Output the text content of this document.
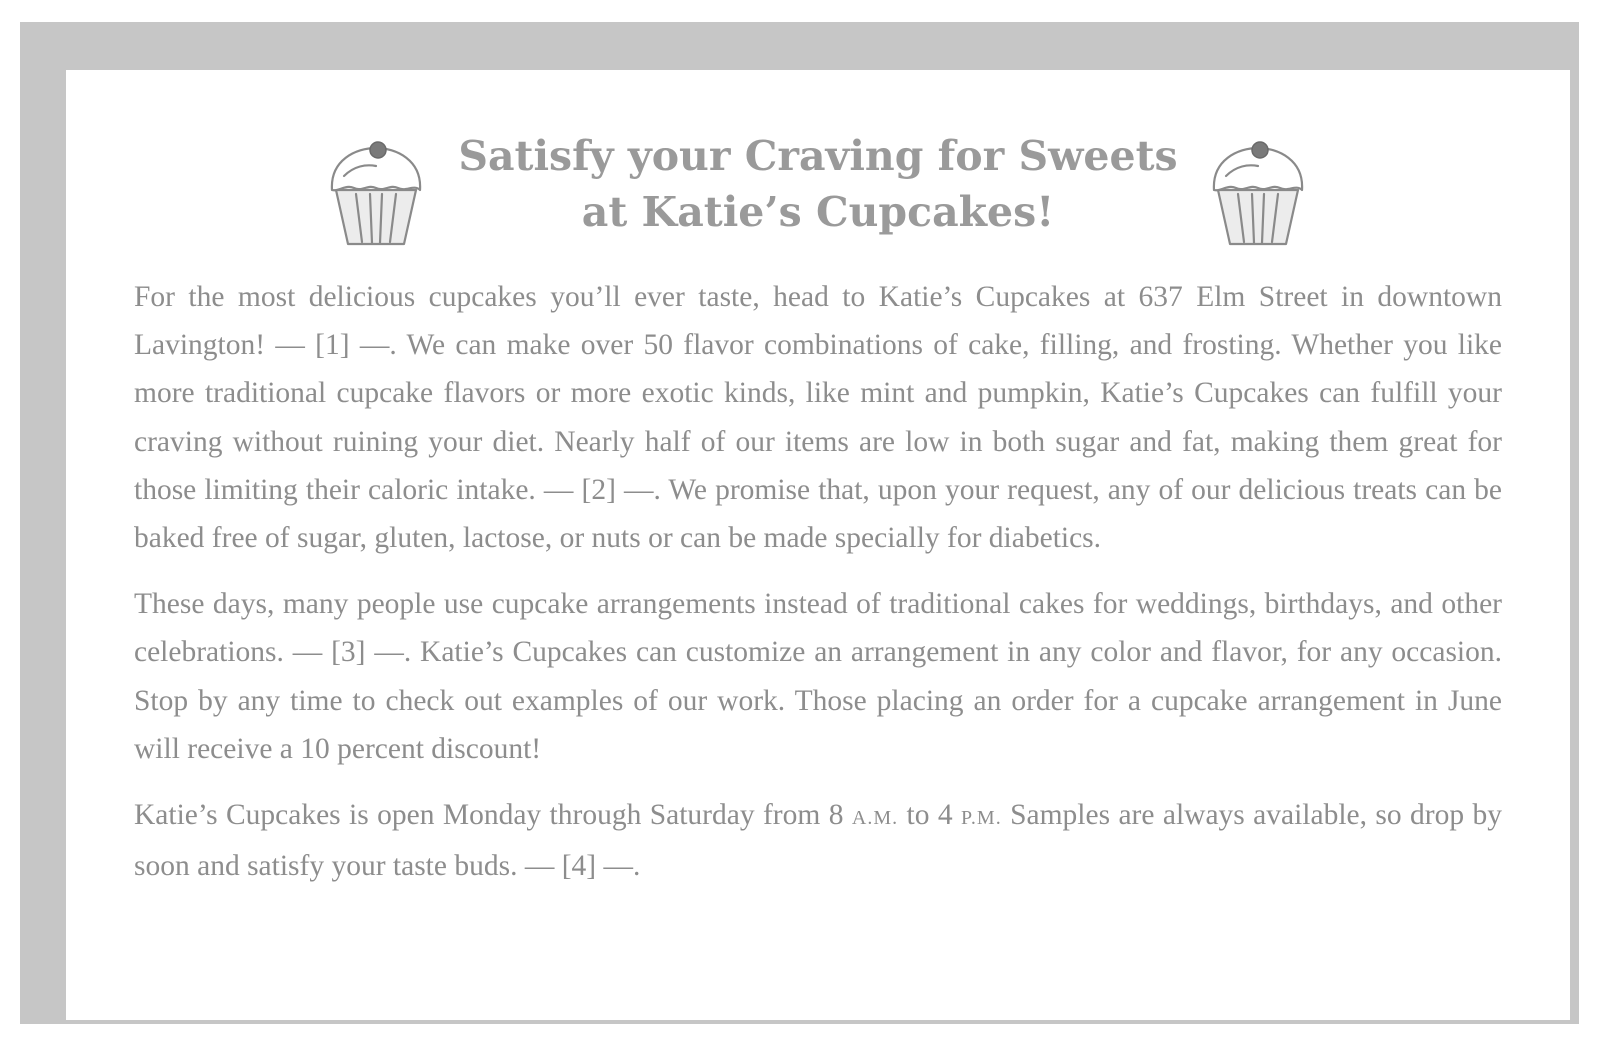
Satisfy your Craving for Sweets
at Katie’s Cupcakes!

For the most delicious cupcakes you’ll ever taste, head to Katie’s Cupcakes at 637 Elm Street in downtown Lavington! — [1] —. We can make over 50 flavor combinations of cake, filling, and frosting. Whether you like more traditional cupcake flavors or more exotic kinds, like mint and pumpkin, Katie’s Cupcakes can fulfill your craving without ruining your diet. Nearly half of our items are low in both sugar and fat, making them great for those limiting their caloric intake. — [2] —. We promise that, upon your request, any of our delicious treats can be baked free of sugar, gluten, lactose, or nuts or can be made specially for diabetics.

These days, many people use cupcake arrangements instead of traditional cakes for weddings, birthdays, and other celebrations. — [3] —. Katie’s Cupcakes can customize an arrangement in any color and flavor, for any occasion. Stop by any time to check out examples of our work. Those placing an order for a cupcake arrangement in June will receive a 10 percent discount!

Katie’s Cupcakes is open Monday through Saturday from 8 A.M. to 4 P.M. Samples are always available, so drop by soon and satisfy your taste buds. — [4] —.
